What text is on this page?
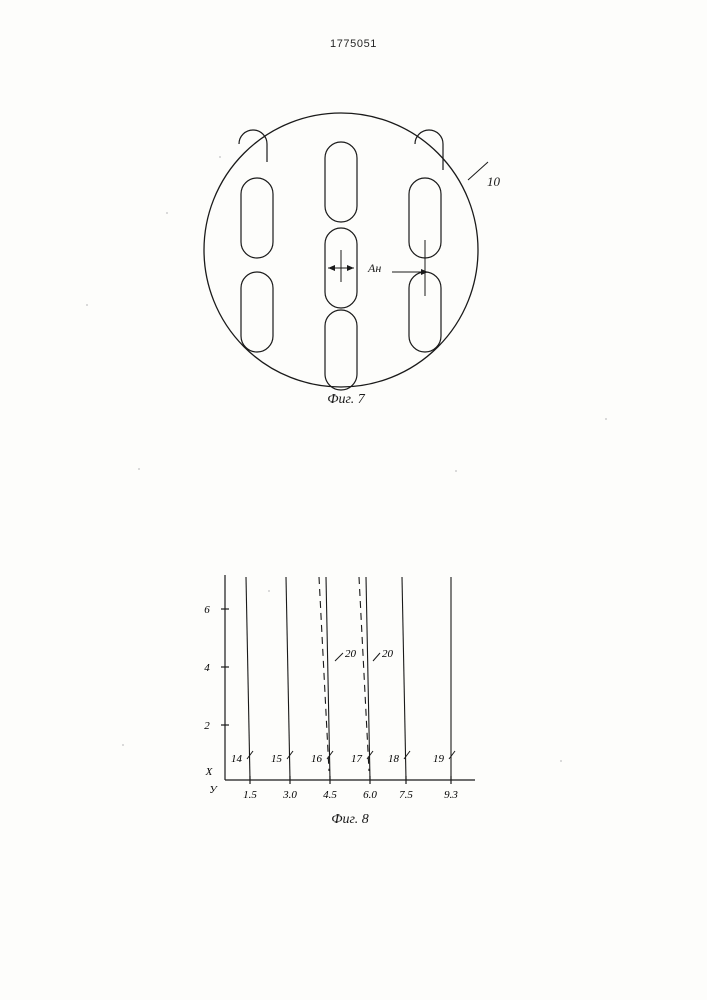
1775051
10
Ан
Фиг. 7
2
4
6
Х
У 1.5 3.0 4.5 6.0 7.5	9.3
14	15	16	17 18	19
20 20
Фиг. 8
